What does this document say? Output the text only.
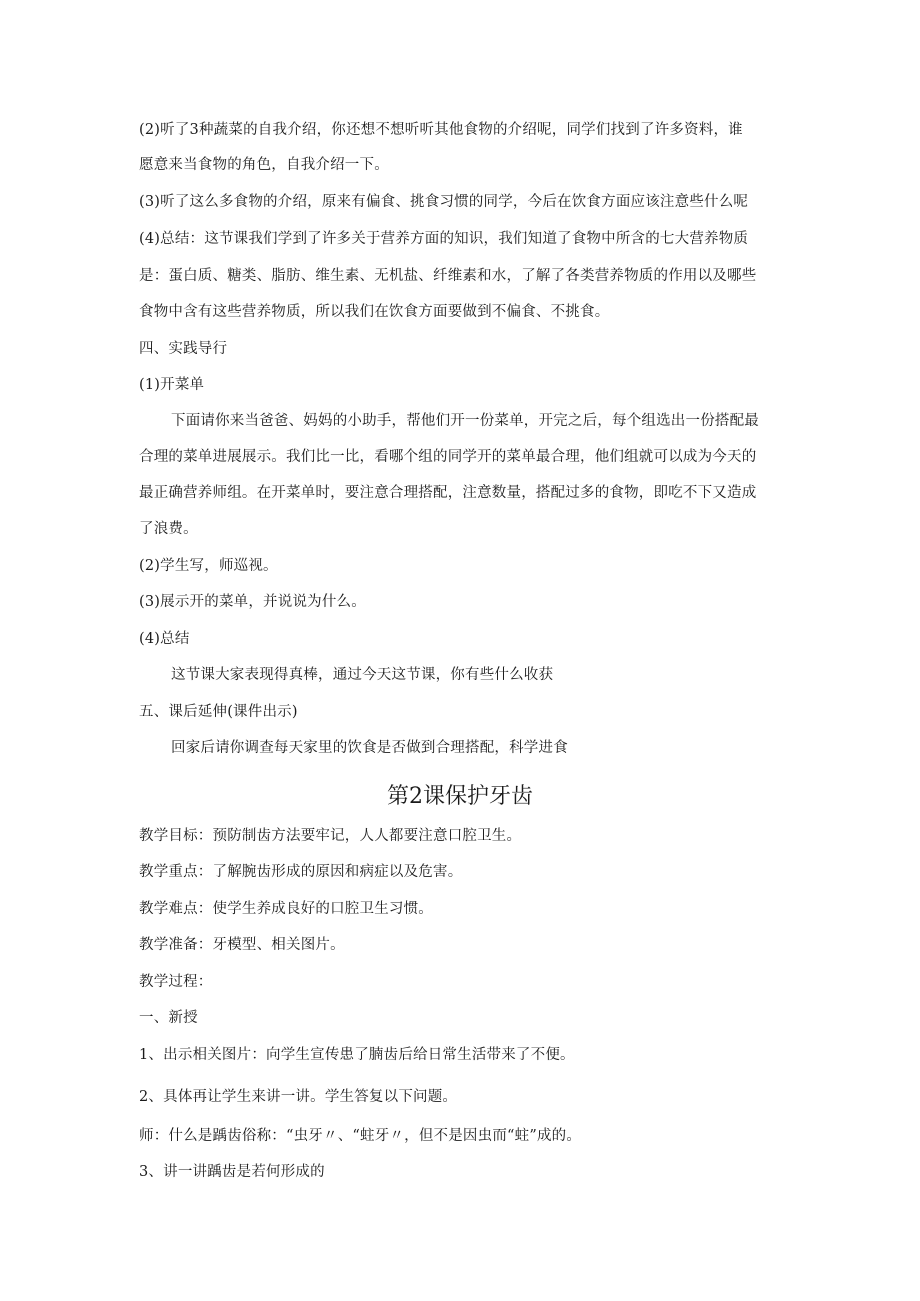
(2)听了3种蔬菜的自我介绍，你还想不想听听其他食物的介绍呢，同学们找到了许多资料，谁
愿意来当食物的角色，自我介绍一下。
(3)听了这么多食物的介绍，原来有偏食、挑食习惯的同学，今后在饮食方面应该注意些什么呢
(4)总结：这节课我们学到了许多关于营养方面的知识，我们知道了食物中所含的七大营养物质
是：蛋白质、糖类、脂肪、维生素、无机盐、纤维素和水，了解了各类营养物质的作用以及哪些
食物中含有这些营养物质，所以我们在饮食方面要做到不偏食、不挑食。
四、实践导行
(1)开菜单
下面请你来当爸爸、妈妈的小助手，帮他们开一份菜单，开完之后，每个组选出一份搭配最
合理的菜单进展展示。我们比一比，看哪个组的同学开的菜单最合理，他们组就可以成为今天的
最正确营养师组。在开菜单时，要注意合理搭配，注意数量，搭配过多的食物，即吃不下又造成
了浪费。
(2)学生写，师巡视。
(3)展示开的菜单，并说说为什么。
(4)总结
这节课大家表现得真棒，通过今天这节课，你有些什么收获
五、课后延伸(课件出示)
回家后请你调查每天家里的饮食是否做到合理搭配，科学进食
第2课保护牙齿
教学目标：预防制齿方法要牢记，人人都要注意口腔卫生。
教学重点：了解腕齿形成的原因和病症以及危害。
教学难点：使学生养成良好的口腔卫生习惯。
教学准备：牙模型、相关图片。
教学过程：
一、新授
1、出示相关图片：向学生宣传患了腩齿后给日常生活带来了不便。
2、具体再让学生来讲一讲。学生答复以下问题。
师：什么是踽齿俗称：“虫牙〃、“蛀牙〃，但不是因虫而“蛀”成的。
3、讲一讲踽齿是若何形成的
